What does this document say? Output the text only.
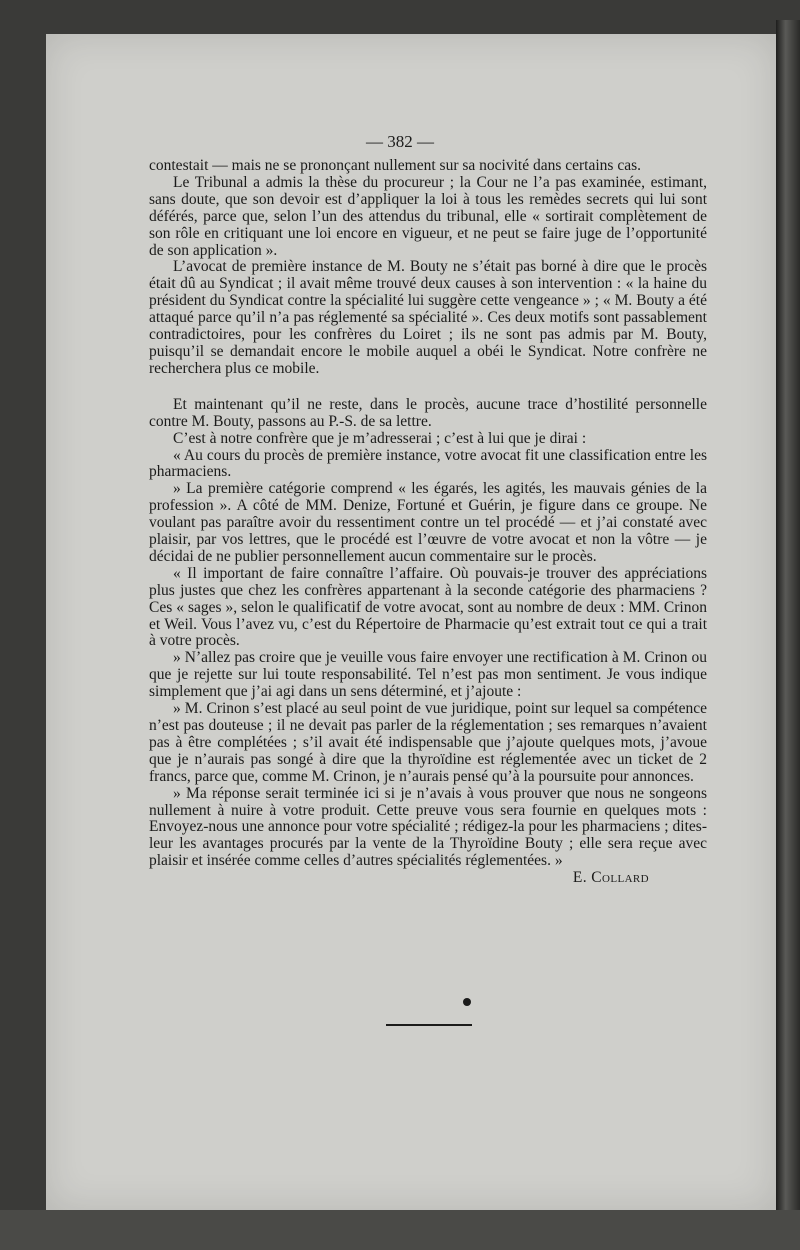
— 382 —

contestait — mais ne se prononçant nullement sur sa nocivité dans certains cas.

Le Tribunal a admis la thèse du procureur ; la Cour ne l’a pas examinée, estimant, sans doute, que son devoir est d’appliquer la loi à tous les remèdes secrets qui lui sont déférés, parce que, selon l’un des attendus du tribunal, elle « sortirait complètement de son rôle en critiquant une loi encore en vigueur, et ne peut se faire juge de l’opportunité de son application ».

L’avocat de première instance de M. Bouty ne s’était pas borné à dire que le procès était dû au Syndicat ; il avait même trouvé deux causes à son intervention : « la haine du président du Syndicat contre la spécialité lui suggère cette vengeance » ; « M. Bouty a été attaqué parce qu’il n’a pas réglementé sa spécialité ». Ces deux motifs sont passablement contradictoires, pour les confrères du Loiret ; ils ne sont pas admis par M. Bouty, puisqu’il se demandait encore le mobile auquel a obéi le Syndicat. Notre confrère ne recherchera plus ce mobile.

Et maintenant qu’il ne reste, dans le procès, aucune trace d’hostilité personnelle contre M. Bouty, passons au P.-S. de sa lettre.

C’est à notre confrère que je m’adresserai ; c’est à lui que je dirai :

« Au cours du procès de première instance, votre avocat fit une classification entre les pharmaciens.

» La première catégorie comprend « les égarés, les agités, les mauvais génies de la profession ». A côté de MM. Denize, Fortuné et Guérin, je figure dans ce groupe. Ne voulant pas paraître avoir du ressentiment contre un tel procédé — et j’ai constaté avec plaisir, par vos lettres, que le procédé est l’œuvre de votre avocat et non la vôtre — je décidai de ne publier personnellement aucun commentaire sur le procès.

« Il important de faire connaître l’affaire. Où pouvais-je trouver des appréciations plus justes que chez les confrères appartenant à la seconde catégorie des pharmaciens ? Ces « sages », selon le qualificatif de votre avocat, sont au nombre de deux : MM. Crinon et Weil. Vous l’avez vu, c’est du Répertoire de Pharmacie qu’est extrait tout ce qui a trait à votre procès.

» N’allez pas croire que je veuille vous faire envoyer une rectification à M. Crinon ou que je rejette sur lui toute responsabilité. Tel n’est pas mon sentiment. Je vous indique simplement que j’ai agi dans un sens déterminé, et j’ajoute :

» M. Crinon s’est placé au seul point de vue juridique, point sur lequel sa compétence n’est pas douteuse ; il ne devait pas parler de la réglementation ; ses remarques n’avaient pas à être complétées ; s’il avait été indispensable que j’ajoute quelques mots, j’avoue que je n’aurais pas songé à dire que la thyroïdine est réglementée avec un ticket de 2 francs, parce que, comme M. Crinon, je n’aurais pensé qu’à la poursuite pour annonces.

» Ma réponse serait terminée ici si je n’avais à vous prouver que nous ne songeons nullement à nuire à votre produit. Cette preuve vous sera fournie en quelques mots : Envoyez-nous une annonce pour votre spécialité ; rédigez-la pour les pharmaciens ; dites-leur les avantages procurés par la vente de la Thyroïdine Bouty ; elle sera reçue avec plaisir et insérée comme celles d’autres spécialités réglementées. »

E. Collard
